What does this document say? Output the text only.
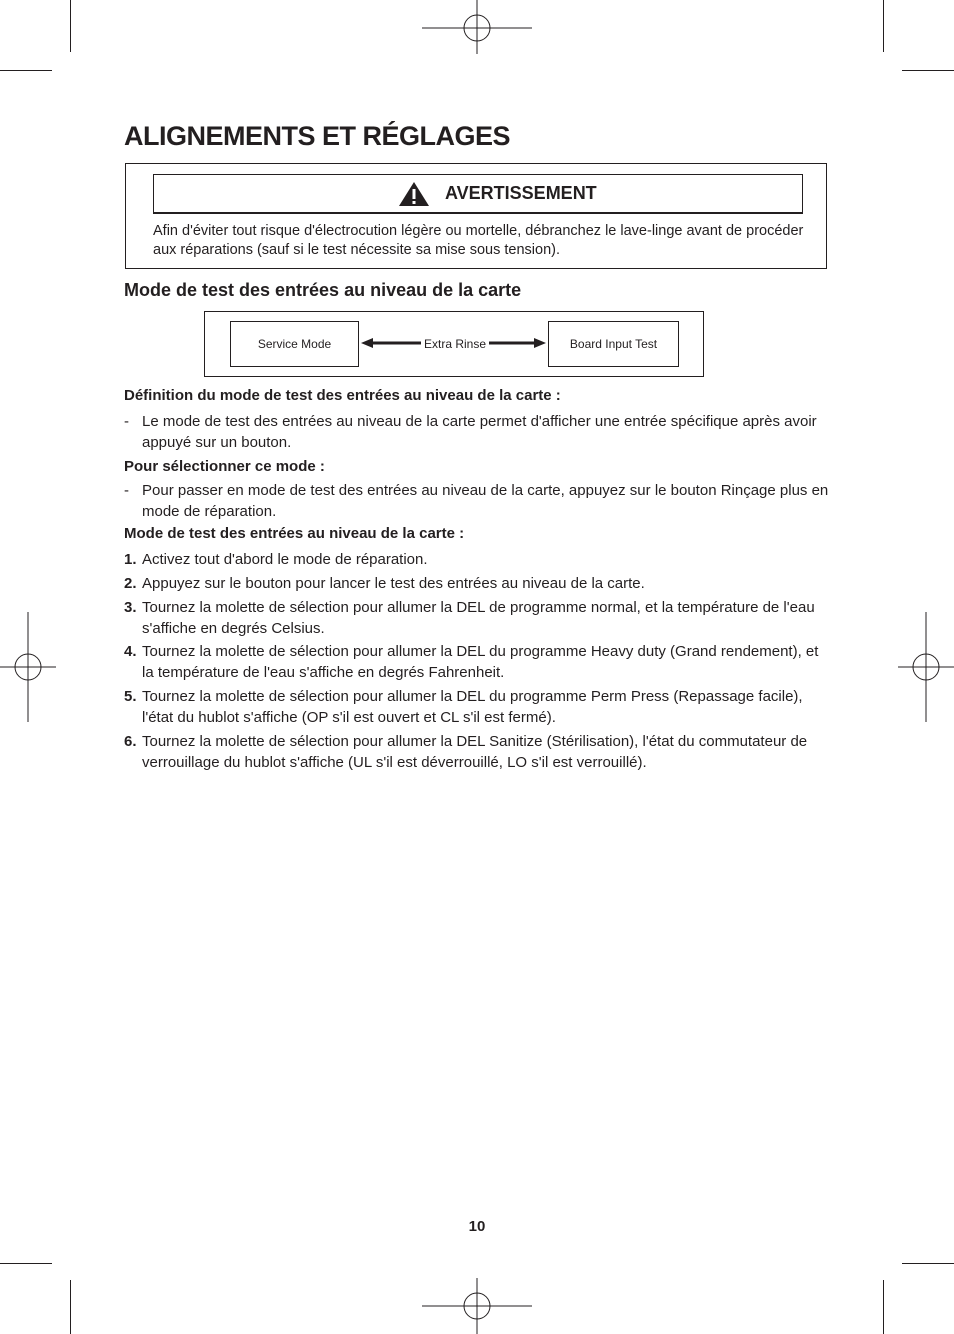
ALIGNEMENTS ET RÉGLAGES
AVERTISSEMENT

Afin d'éviter tout risque d'électrocution légère ou mortelle, débranchez le lave-linge avant de procéder aux réparations (sauf si le test nécessite sa mise sous tension).

Mode de test des entrées au niveau de la carte
Service Mode	Extra Rinse	Board Input Test

Définition du mode de test des entrées au niveau de la carte :

- Le mode de test des entrées au niveau de la carte permet d'afficher une entrée spécifique après avoir appuyé sur un bouton.

Pour sélectionner ce mode :

- Pour passer en mode de test des entrées au niveau de la carte, appuyez sur le bouton Rinçage plus en mode de réparation.

Mode de test des entrées au niveau de la carte :

1. Activez tout d'abord le mode de réparation.
2. Appuyez sur le bouton pour lancer le test des entrées au niveau de la carte.
3. Tournez la molette de sélection pour allumer la DEL de programme normal, et la température de l'eau s'affiche en degrés Celsius.
4. Tournez la molette de sélection pour allumer la DEL du programme Heavy duty (Grand rendement), et la température de l'eau s'affiche en degrés Fahrenheit.
5. Tournez la molette de sélection pour allumer la DEL du programme Perm Press (Repassage facile), l'état du hublot s'affiche (OP s'il est ouvert et CL s'il est fermé).
6. Tournez la molette de sélection pour allumer la DEL Sanitize (Stérilisation), l'état du commutateur de verrouillage du hublot s'affiche (UL s'il est déverrouillé, LO s'il est verrouillé).
10
